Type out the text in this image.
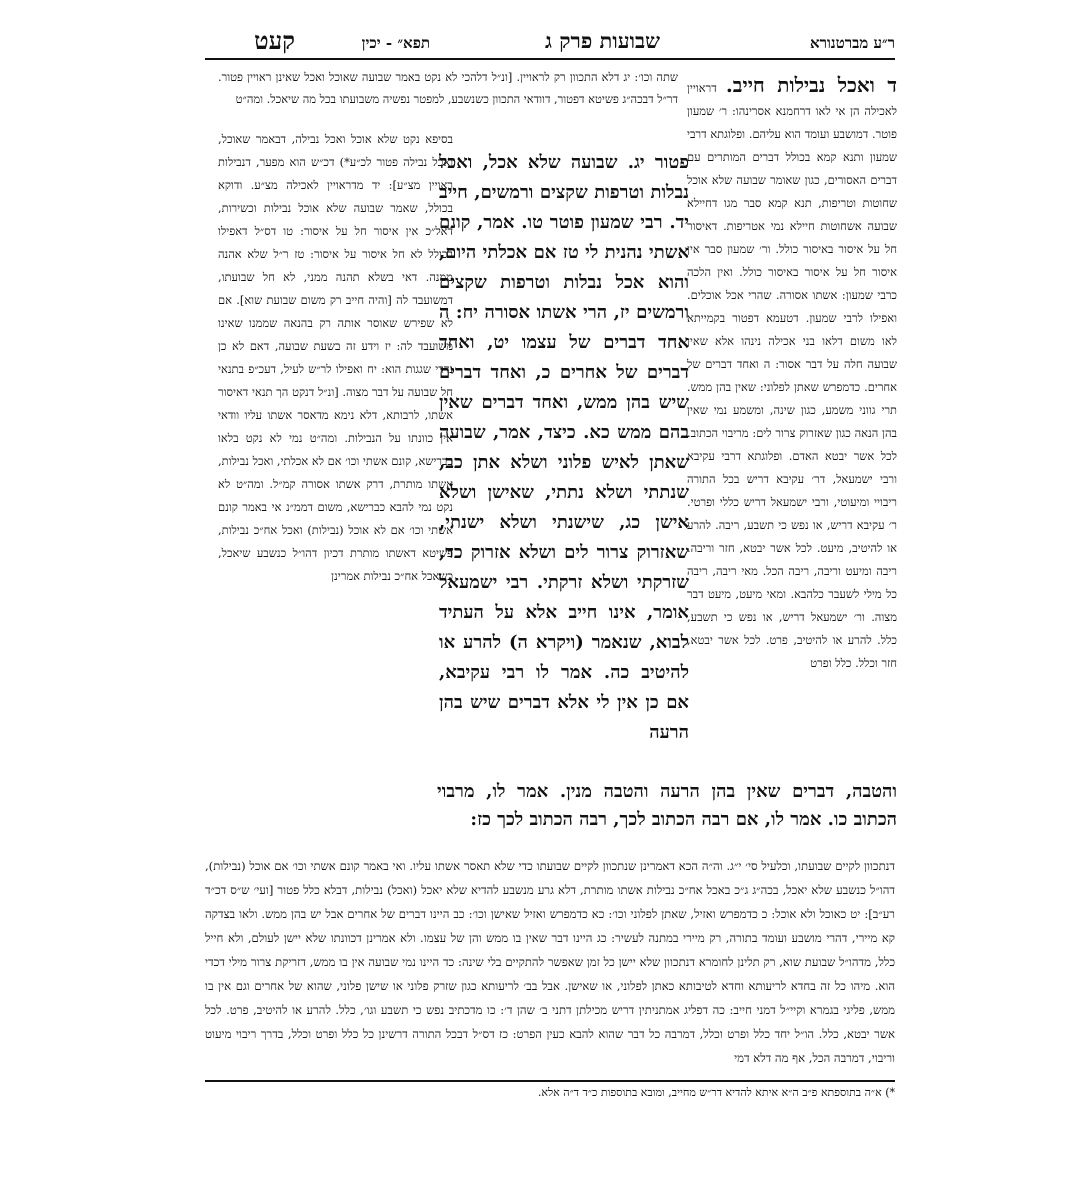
ר״ע מברטנורא
שבועות פרק ג
תפא״ - יכין
קעט

ד ואכל נבילות חייב. דראויין לאכילה הן אי לאו דרחמנא אסרינהו: ר׳ שמעון פוטר. דמושבע ועומד הוא עליהם. ופלוגתא דרבי שמעון ותנא קמא בכולל דברים המותרים עם דברים האסורים, כגון שאומר שבועה שלא אוכל שחוטות וטריפות, תנא קמא סבר מגו דחיילא שבועה אשחוטות חיילא נמי אטריפות. דאיסור חל על איסור באיסור כולל. ור׳ שמעון סבר אין איסור חל על איסור באיסור כולל. ואין הלכה כרבי שמעון: אשתו אסורה. שהרי אכל אוכלים. ואפילו לרבי שמעון. דטעמא דפטור בקמייתא לאו משום דלאו בני אכילה נינהו אלא שאין שבועה חלה על דבר אסור: ה ואחד דברים של אחרים. כדמפרש שאתן לפלוני: שאין בהן ממש. תרי גווני משמע, כגון שינה, ומשמע נמי שאין בהן הנאה כגון שאזרוק צרור לים: מריבוי הכתוב. לכל אשר יבטא האדם. ופלוגתא דרבי עקיבא ורבי ישמעאל, דר׳ עקיבא דריש בכל התורה ריבויי ומיעוטי, ורבי ישמעאל דריש כללי ופרטי. ר׳ עקיבא דריש, או נפש כי תשבע, ריבה. להרע או להיטיב, מיעט. לכל אשר יבטא, חזר וריבה. ריבה ומיעט וריבה, ריבה הכל. מאי ריבה, ריבה כל מילי לשעבר כלהבא. ומאי מיעט, מיעט דבר מצוה. ור׳ ישמעאל דריש, או נפש כי תשבע, כלל. להרע או להיטיב, פרט. לכל אשר יבטא, חזר וכלל. כלל ופרט

שתה וכו׳: יג דלא התכוון רק לראויין. [ונ״ל דלהכי לא נקט באמר שבועה שאוכל ואכל שאינן ראויין פטור. דר״ל דבכה״ג פשיטא דפטור, דוודאי התכוון כשנשבע, למפטר נפשיה משבועתו בכל מה שיאכל. ומה״ט

בסיפא נקט שלא אוכל ואכל נבילה, דבאמר שאוכל, ואכל נבילה פטור לכ״ע*) דכ״ש הוא מפער, דנבילות ראויין מצ״ע]: יד מדראויין לאכילה מצ״ע. ודוקא בכולל, שאמר שבועה שלא אוכל נבילות וכשירות, דאל״כ אין איסור חל על איסור: טו דס״ל דאפילו בכולל לא חל איסור על איסור: טז ר״ל שלא אהנה ממנה. דאי בשלא תהנה ממני, לא חל שבועתו, דמשועבד לה [והיה חייב רק משום שבועת שוא]. אם לא שפירש שאוסר אותה רק בהנאה שממנו שאינו משועבד לה: יז וידע זה בשעת שבועה, דאם לא כן נדרי שגגות הוא: יח ואפילו לר״ש לעיל, דעכ״פ בתנאי חל שבועה על דבר מצוה. [ונ״ל דנקט הך תנאי דאיסור אשתו, לרבותא, דלא נימא מדאסר אשתו עליו וודאי אין כוונתו על הנבילות. ומה״ט נמי לא נקט בלאו כברישא, קונם אשתי וכו׳ אם לא אכלתי, ואכל נבילות, אשתו מותרת, דרק אשתו אסורה קמ״ל. ומה״ט לא נקט נמי להבא כברישא, משום דממ״נ אי באמר קונם אשתי וכו׳ אם לא אוכל (נבילות) ואכל אח״כ נבילות, פשיטא דאשתו מותרת דכיון דהו״ל כנשבע שיאכל, כשאכל אח״כ נבילות אמרינן

פטור יג. שבועה שלא אכל, ואכל נבלות וטרפות שקצים ורמשים, חייב יד. רבי שמעון פוטר טו. אמר, קונם אשתי נהנית לי טז אם אכלתי היום, והוא אכל נבלות וטרפות שקצים ורמשים יז, הרי אשתו אסורה יח: ה אחד דברים של עצמו יט, ואחד דברים של אחרים כ, ואחד דברים שיש בהן ממש, ואחד דברים שאין בהם ממש כא. כיצד, אמר, שבועה שאתן לאיש פלוני ושלא אתן כב, שנתתי ושלא נתתי, שאישן ושלא אישן כג, שישנתי ושלא ישנתי, שאזרוק צרור לים ושלא אזרוק כד, שזרקתי ושלא זרקתי. רבי ישמעאל אומר, אינו חייב אלא על העתיד לבוא, שנאמר (ויקרא ה) להרע או להיטיב כה. אמר לו רבי עקיבא, אם כן אין לי אלא דברים שיש בהן הרעה

והטבה, דברים שאין בהן הרעה והטבה מנין. אמר לו, מרבוי הכתוב כו. אמר לו, אם רבה הכתוב לכך, רבה הכתוב לכך כז:

דנתכוון לקיים שבועתו, וכלעיל סי׳ י״ג. וה״ה הכא דאמרינן שנתכוון לקיים שבועתו כדי שלא תאסר אשתו עליו. ואי באמר קונם אשתי וכו׳ אם אוכל (נבילות), דהו״ל כנשבע שלא יאכל, בכה״ג ג״כ באכל אח״כ נבילות אשתו מותרת, דלא גרע מנשבע להדיא שלא יאכל (ואכל) נבילות, דבלא כלל פטור [ועי׳ ש״ס דכ״ד רע״ב]: יט כאוכל ולא אוכל: כ כדמפרש ואזיל, שאתן לפלוני וכו׳: כא כדמפרש ואזיל שאישן וכו׳: כב היינו דברים של אחרים אבל יש בהן ממש. ולאו בצדקה קא מיירי, דהרי מושבע ועומד בתורה, רק מיירי במתנה לעשיר: כג היינו דבר שאין בו ממש והן של עצמו. ולא אמרינן דכוונתו שלא יישן לעולם, ולא חייל כלל, מדהו״ל שבועת שוא, רק תלינן לחומרא דנתכוון שלא יישן כל זמן שאפשר להתקיים בלי שינה: כד היינו נמי שבועה אין בו ממש, דזריקת צרור מילי דכדי הוא. מיהו כל זה בחדא לריעותא וחדא לטיבותא כאתן לפלוני, או שאישן. אבל בב׳ לריעותא כגון שזרק פלוני או שישן פלוני, שהוא של אחרים וגם אין בו ממש, פליגי בגמרא וקיי״ל דמני חייב: כה דפליג אמתניתין דריש מכילתן דתני ב׳ שהן ד׳: כו מדכתיב נפש כי תשבע וגו׳, כלל. להרע או להיטיב, פרט. לכל אשר יבטא, כלל. הו״ל יחד כלל ופרט וכלל, דמרבה כל דבר שהוא להבא כעין הפרט: כז דס״ל דבכל התורה דרשינן כל כלל ופרט וכלל, בדרך ריבוי מיעוט וריבוי, דמרבה הכל, אף מה דלא דמי

*) א״ה בתוספתא פ״ב ה״א איתא להדיא דר״ש מחייב, ומובא בתוספות כ״ד ד״ה אלא.
